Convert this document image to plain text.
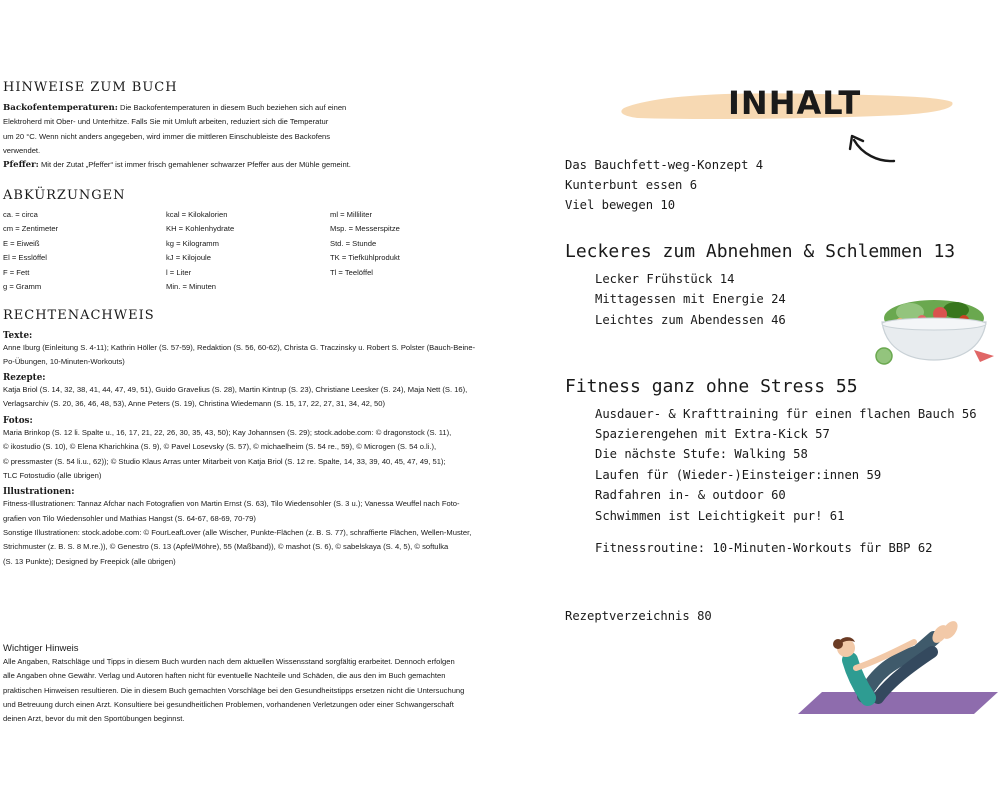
HINWEISE ZUM BUCH
Backofentemperaturen: Die Backofentemperaturen in diesem Buch beziehen sich auf einen
Elektroherd mit Ober- und Unterhitze. Falls Sie mit Umluft arbeiten, reduziert sich die Temperatur
um 20 °C. Wenn nicht anders angegeben, wird immer die mittleren Einschubleiste des Backofens
verwendet.
Pfeffer: Mit der Zutat „Pfeffer“ ist immer frisch gemahlener schwarzer Pfeffer aus der Mühle gemeint.
ABKÜRZUNGEN
ca. = circa
cm = Zentimeter
E = Eiweiß
El = Esslöffel
F = Fett
g = Gramm
kcal = Kilokalorien
KH = Kohlenhydrate
kg = Kilogramm
kJ = Kilojoule
l = Liter
Min. = Minuten
ml = Milliliter
Msp. = Messerspitze
Std. = Stunde
TK = Tiefkühlprodukt
Tl = Teelöffel
RECHTENACHWEIS
Texte:
Anne Iburg (Einleitung S. 4-11); Kathrin Höller (S. 57-59), Redaktion (S. 56, 60-62), Christa G. Traczinsky u. Robert S. Polster (Bauch-Beine-
Po-Übungen, 10-Minuten-Workouts)
Rezepte:
Katja Briol (S. 14, 32, 38, 41, 44, 47, 49, 51), Guido Gravelius (S. 28), Martin Kintrup (S. 23), Christiane Leesker (S. 24), Maja Nett (S. 16),
Verlagsarchiv (S. 20, 36, 46, 48, 53), Anne Peters (S. 19), Christina Wiedemann (S. 15, 17, 22, 27, 31, 34, 42, 50)
Fotos:
Maria Brinkop (S. 12 li. Spalte u., 16, 17, 21, 22, 26, 30, 35, 43, 50); Kay Johannsen (S. 29); stock.adobe.com: © dragonstock (S. 11),
© ikostudio (S. 10), © Elena Kharichkina (S. 9), © Pavel Losevsky (S. 57), © michaelheim (S. 54 re., 59), © Microgen (S. 54 o.li.),
© pressmaster (S. 54 li.u., 62)); © Studio Klaus Arras unter Mitarbeit von Katja Briol (S. 12 re. Spalte, 14, 33, 39, 40, 45, 47, 49, 51);
TLC Fotostudio (alle übrigen)
Illustrationen:
Fitness-Illustrationen: Tannaz Afchar nach Fotografien von Martin Ernst (S. 63), Tilo Wiedensohler (S. 3 u.); Vanessa Weuffel nach Foto-
grafien von Tilo Wiedensohler und Mathias Hangst (S. 64-67, 68-69, 70-79)
Sonstige Illustrationen: stock.adobe.com: © FourLeafLover (alle Wischer, Punkte-Flächen (z. B. S. 77), schraffierte Flächen, Wellen-Muster,
Strichmuster (z. B. S. 8 M.re.)), © Genestro (S. 13 (Apfel/Möhre), 55 (Maßband)), © mashot (S. 6), © sabelskaya (S. 4, 5), © softulka
(S. 13 Punkte); Designed by Freepick (alle übrigen)
Wichtiger Hinweis
Alle Angaben, Ratschläge und Tipps in diesem Buch wurden nach dem aktuellen Wissensstand sorgfältig erarbeitet. Dennoch erfolgen
alle Angaben ohne Gewähr. Verlag und Autoren haften nicht für eventuelle Nachteile und Schäden, die aus den im Buch gemachten
praktischen Hinweisen resultieren. Die in diesem Buch gemachten Vorschläge bei den Gesundheitstipps ersetzen nicht die Untersuchung
und Betreuung durch einen Arzt. Konsultiere bei gesundheitlichen Problemen, vorhandenen Verletzungen oder einer Schwangerschaft
deinen Arzt, bevor du mit den Sportübungen beginnst.
INHALT
Das Bauchfett-weg-Konzept 4
Kunterbunt essen 6
Viel bewegen 10
Leckeres zum Abnehmen & Schlemmen 13
Lecker Frühstück 14
Mittagessen mit Energie 24
Leichtes zum Abendessen 46
Fitness ganz ohne Stress 55
Ausdauer- & Krafttraining für einen flachen Bauch 56
Spazierengehen mit Extra-Kick 57
Die nächste Stufe: Walking 58
Laufen für (Wieder-)Einsteiger:innen 59
Radfahren in- & outdoor 60
Schwimmen ist Leichtigkeit pur! 61
Fitnessroutine: 10-Minuten-Workouts für BBP 62
Rezeptverzeichnis 80
